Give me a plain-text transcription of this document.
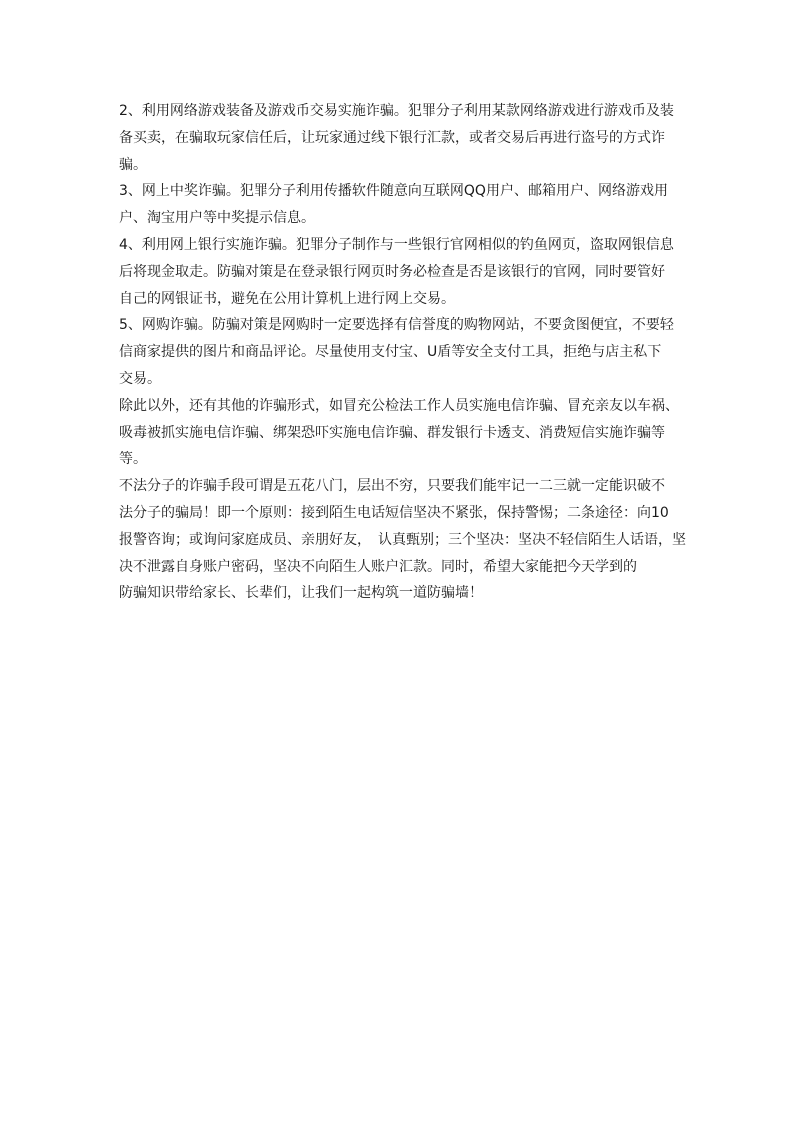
2、利用网络游戏装备及游戏币交易实施诈骗。犯罪分子利用某款网络游戏进行游戏币及装
备买卖，在骗取玩家信任后，让玩家通过线下银行汇款，或者交易后再进行盗号的方式诈
骗。
3、网上中奖诈骗。犯罪分子利用传播软件随意向互联网QQ用户、邮箱用户、网络游戏用
户、淘宝用户等中奖提示信息。
4、利用网上银行实施诈骗。犯罪分子制作与一些银行官网相似的钓鱼网页，盗取网银信息
后将现金取走。防骗对策是在登录银行网页时务必检查是否是该银行的官网，同时要管好
自己的网银证书，避免在公用计算机上进行网上交易。
5、网购诈骗。防骗对策是网购时一定要选择有信誉度的购物网站，不要贪图便宜，不要轻
信商家提供的图片和商品评论。尽量使用支付宝、U盾等安全支付工具，拒绝与店主私下
交易。
除此以外，还有其他的诈骗形式，如冒充公检法工作人员实施电信诈骗、冒充亲友以车祸、
吸毒被抓实施电信诈骗、绑架恐吓实施电信诈骗、群发银行卡透支、消费短信实施诈骗等
等。
不法分子的诈骗手段可谓是五花八门，层出不穷，只要我们能牢记一二三就一定能识破不
法分子的骗局！即一个原则：接到陌生电话短信坚决不紧张，保持警惕；二条途径：向10
报警咨询；或询问家庭成员、亲朋好友，　认真甄别；三个坚决：坚决不轻信陌生人话语，坚
决不泄露自身账户密码，坚决不向陌生人账户汇款。同时，希望大家能把今天学到的
防骗知识带给家长、长辈们，让我们一起构筑一道防骗墙！
